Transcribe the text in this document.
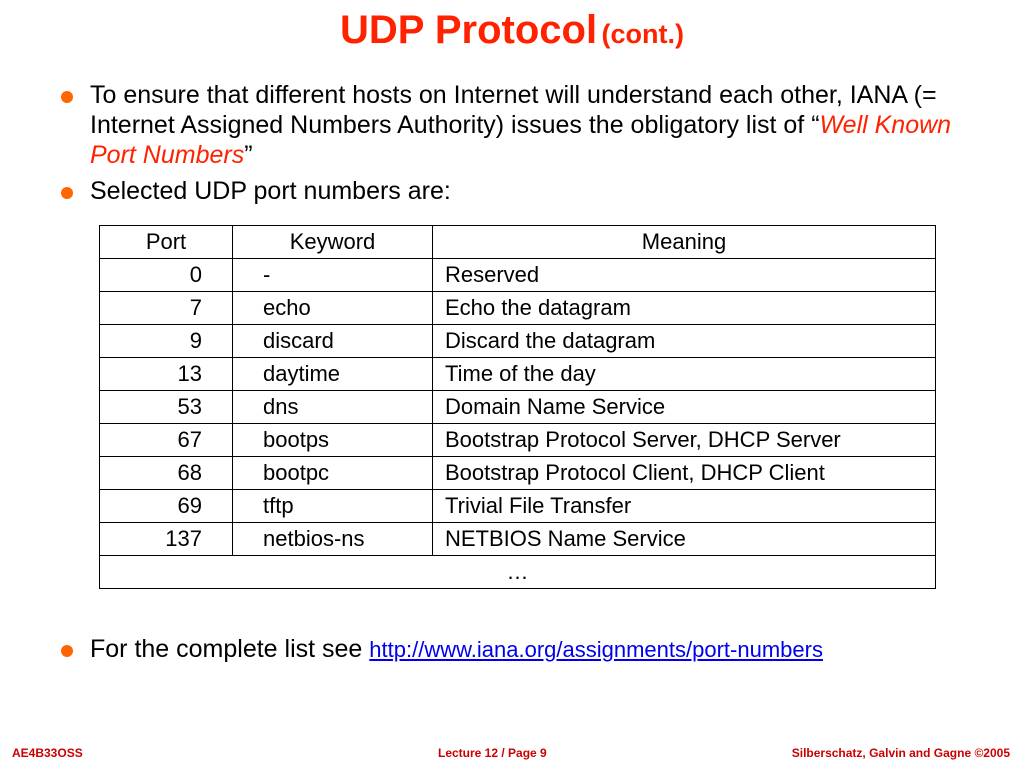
UDP Protocol (cont.)
To ensure that different hosts on Internet will understand each other, IANA (= Internet Assigned Numbers Authority) issues the obligatory list of “Well Known Port Numbers”
Selected UDP port numbers are:
Port	Keyword	Meaning
0	-	Reserved
7	echo	Echo the datagram
9	discard	Discard the datagram
13	daytime	Time of the day
53	dns	Domain Name Service
67	bootps	Bootstrap Protocol Server, DHCP Server
68	bootpc	Bootstrap Protocol Client, DHCP Client
69	tftp	Trivial File Transfer
137	netbios-ns	NETBIOS Name Service
…		
For the complete list see http://www.iana.org/assignments/port-numbers
AE4B33OSS	Lecture 12 / Page 9	Silberschatz, Galvin and Gagne ©2005
